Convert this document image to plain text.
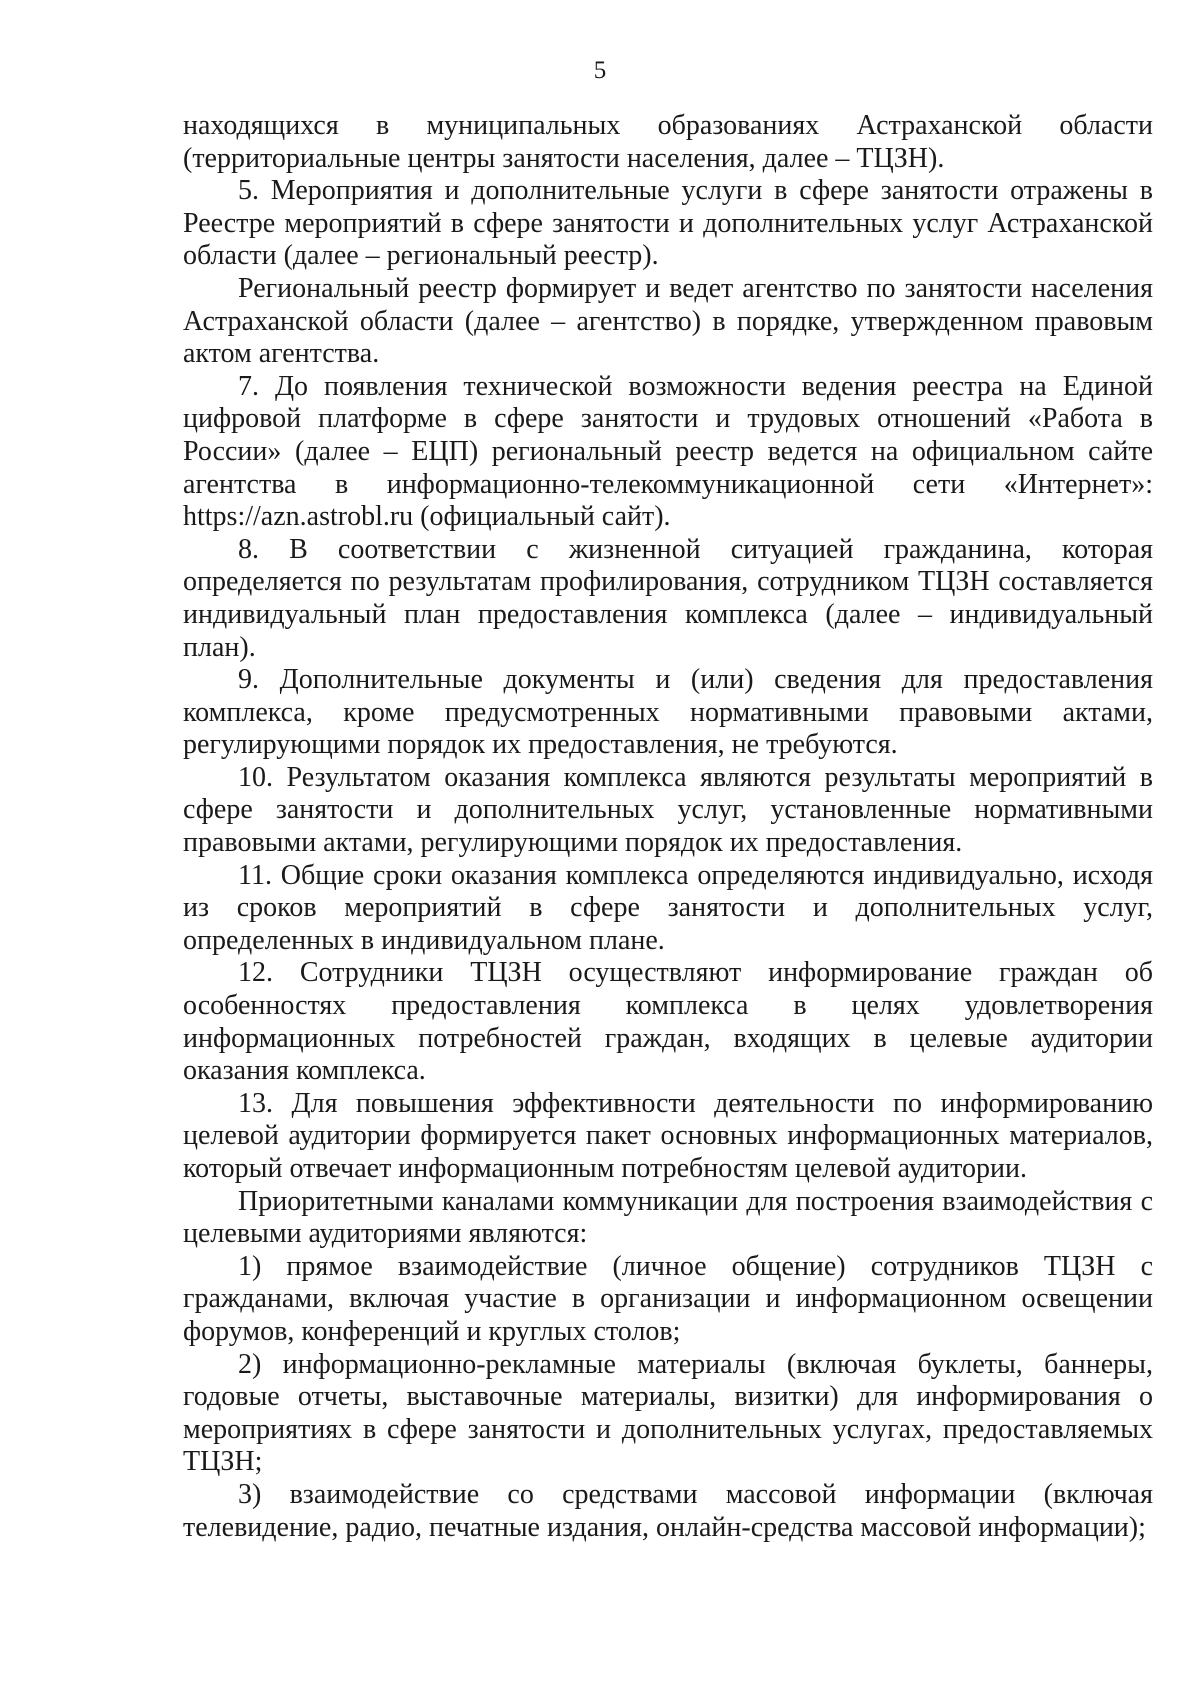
5

находящихся в муниципальных образованиях Астраханской области (территориальные центры занятости населения, далее – ТЦЗН).

5. Мероприятия и дополнительные услуги в сфере занятости отражены в Реестре мероприятий в сфере занятости и дополнительных услуг Астраханской области (далее – региональный реестр).

Региональный реестр формирует и ведет агентство по занятости населения Астраханской области (далее – агентство) в порядке, утвержденном правовым актом агентства.

7. До появления технической возможности ведения реестра на Единой цифровой платформе в сфере занятости и трудовых отношений «Работа в России» (далее – ЕЦП) региональный реестр ведется на официальном сайте агентства в информационно-телекоммуникационной сети «Интернет»: https://azn.astrobl.ru (официальный сайт).

8. В соответствии с жизненной ситуацией гражданина, которая определяется по результатам профилирования, сотрудником ТЦЗН составляется индивидуальный план предоставления комплекса (далее – индивидуальный план).

9. Дополнительные документы и (или) сведения для предоставления комплекса, кроме предусмотренных нормативными правовыми актами, регулирующими порядок их предоставления, не требуются.

10. Результатом оказания комплекса являются результаты мероприятий в сфере занятости и дополнительных услуг, установленные нормативными правовыми актами, регулирующими порядок их предоставления.

11. Общие сроки оказания комплекса определяются индивидуально, исходя из сроков мероприятий в сфере занятости и дополнительных услуг, определенных в индивидуальном плане.

12. Сотрудники ТЦЗН осуществляют информирование граждан об особенностях предоставления комплекса в целях удовлетворения информационных потребностей граждан, входящих в целевые аудитории оказания комплекса.

13. Для повышения эффективности деятельности по информированию целевой аудитории формируется пакет основных информационных материалов, который отвечает информационным потребностям целевой аудитории.

Приоритетными каналами коммуникации для построения взаимодействия с целевыми аудиториями являются:

1) прямое взаимодействие (личное общение) сотрудников ТЦЗН с гражданами, включая участие в организации и информационном освещении форумов, конференций и круглых столов;

2) информационно-рекламные материалы (включая буклеты, баннеры, годовые отчеты, выставочные материалы, визитки) для информирования о мероприятиях в сфере занятости и дополнительных услугах, предоставляемых ТЦЗН;

3) взаимодействие со средствами массовой информации (включая телевидение, радио, печатные издания, онлайн-средства массовой информации);
